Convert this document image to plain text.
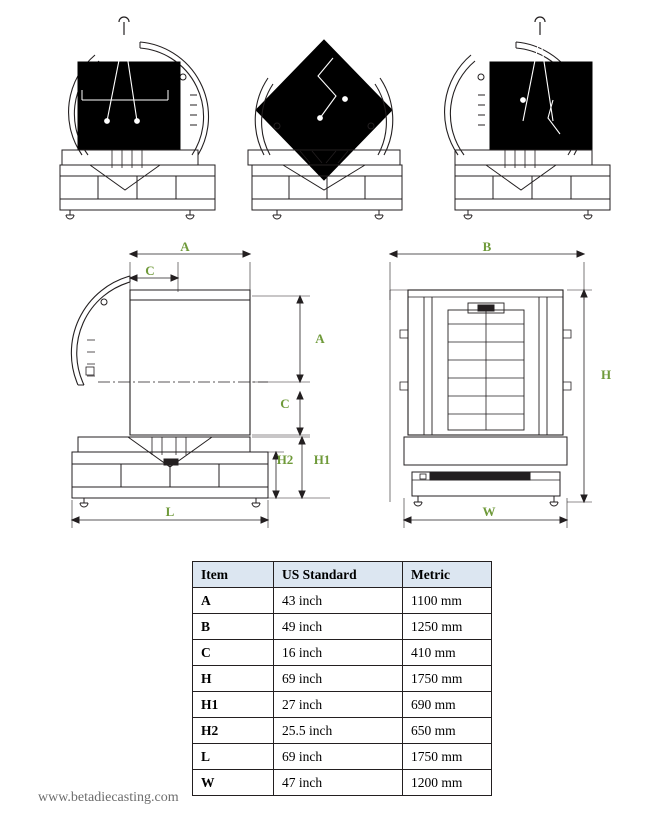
A
C
A
C
H2 H1
L
B
H
W
Item	US Standard	Metric
A	43 inch	1100 mm
B	49 inch	1250 mm
C	16 inch	410 mm
H	69 inch	1750 mm
H1	27 inch	690 mm
H2	25.5 inch	650 mm
L	69 inch	1750 mm
W	47 inch	1200 mm
www.betadiecasting.com
